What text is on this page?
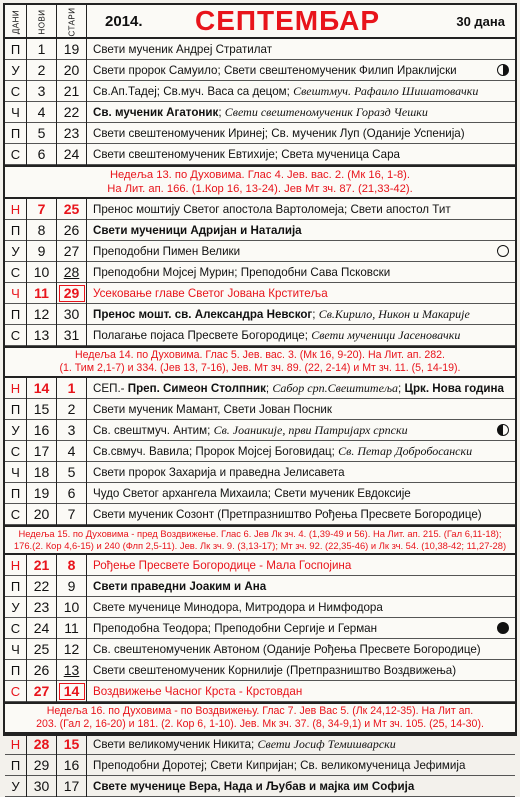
ДАНИ НОВИ	СТАРИ 2014. СЕПТЕМБАР	30 дана
П	1	19	Свети мученик Андреј Стратилат
У	2	20	Свети пророк Самуило; Свети свештеномученик Филип Ираклијски
С	3	21	Св.Ап.Тадеј; Св.муч. Васа са децом; Свештмуч. Рафаило Шишатовачки
Ч	4	22	Св. мученик Агатоник; Свети свештеномученик Горазд Чешки
П	5	23	Свети свештеномученик Иринеј; Св. мученик Луп (Оданије Успенија)
С	6	24	Свети свештеномученик Евтихије; Света мученица Сара
Недеља 13. по Духовима. Глас 4. Јев. вас. 2. (Мк 16, 1-8).
На Лит. ап. 166. (1.Кор 16, 13-24). Јев Мт зч. 87. (21,33-42).
Н	7	25	Пренос моштију Светог апостола Вартоломеја; Свети апостол Тит
П	8	26	Свети мученици Адријан и Наталија
У	9	27	Преподобни Пимен Велики
С 10	28	Преподобни Мојсеј Мурин; Преподобни Сава Псковски
Ч	11	29	Усековање главе Светог Јована Крститеља
П 12	30	Пренос мошт. св. Александра Невског; Св.Кирило, Никон и Макарије
С 13	31	Полагање појаса Пресвете Богородице; Свети мученици Јасеновачки
Недеља 14. по Духовима. Глас 5. Јев. вас. 3. (Мк 16, 9-20). На Лит. ап. 282.
(1. Тим 2,1-7) и 334. (Јев 13, 7-16), Јев. Мт зч. 89. (22, 2-14) и Мт зч. 11. (5, 14-19).
Н 14	1	СЕП.- Преп. Симеон Столпник; Сабор срп.Свештитеља; Црк. Нова година
П 15	2	Свети мученик Мамант, Свети Јован Посник
У	16	3	Св. свештмуч. Антим; Св. Јоаникије, први Патријарх српски
С 17	4	Св.свмуч. Вавила; Пророк Мојсеј Боговидац; Св. Петар Добробосански
Ч 18	5	Свети пророк Захарија и праведна Јелисавета
П 19	6	Чудо Светог архангела Михаила; Свети мученик Евдоксије
С 20	7	Свети мученик Созонт (Претпразништво Рођења Пресвете Богородице)
Недеља 15. по Духовима - пред Воздвижење. Глас 6. Јев Лк зч. 4. (1,39-49 и 56). На Лит. ап. 215. (Гал 6,11-18);
176.(2. Кор 4,6-15) и 240 (Флп 2,5-11). Јев. Лк зч. 9. (3,13-17); Мт зч. 92. (22,35-46) и Лк зч. 54. (10,38-42; 11,27-28)
Н 21	8	Рођење Пресвете Богородице - Мала Госпојина
П 22	9	Свети праведни Јоаким и Ана
У	23	10	Свете мученице Минодора, Митродора и Нимфодора
С 24	11	Преподобна Теодора; Преподобни Сергије и Герман
Ч 25	12	Св. свештеномученик Автоном (Оданије Рођења Пресвете Богородице)
П 26	13	Свети свештеномученик Корнилије (Претпразништво Воздвижења)
С 27	14	Воздвижење Часног Крста - Крстовдан
Недеља 16. по Духовима - по Воздвижењу. Глас 7. Јев Вас 5. (Лк 24,12-35). На Лит ап.
203. (Гал 2, 16-20) и 181. (2. Кор 6, 1-10). Јев. Мк зч. 37. (8, 34-9,1) и Мт зч. 105. (25, 14-30).
Н 28	15	Свети великомученик Никита; Свети Јосиф Темишварски
П 29	16	Преподобни Доротеј; Свети Кипријан; Св. великомученица Јефимија
У	30	17	Свете мученице Вера, Нада и Љубав и мајка им Софија
